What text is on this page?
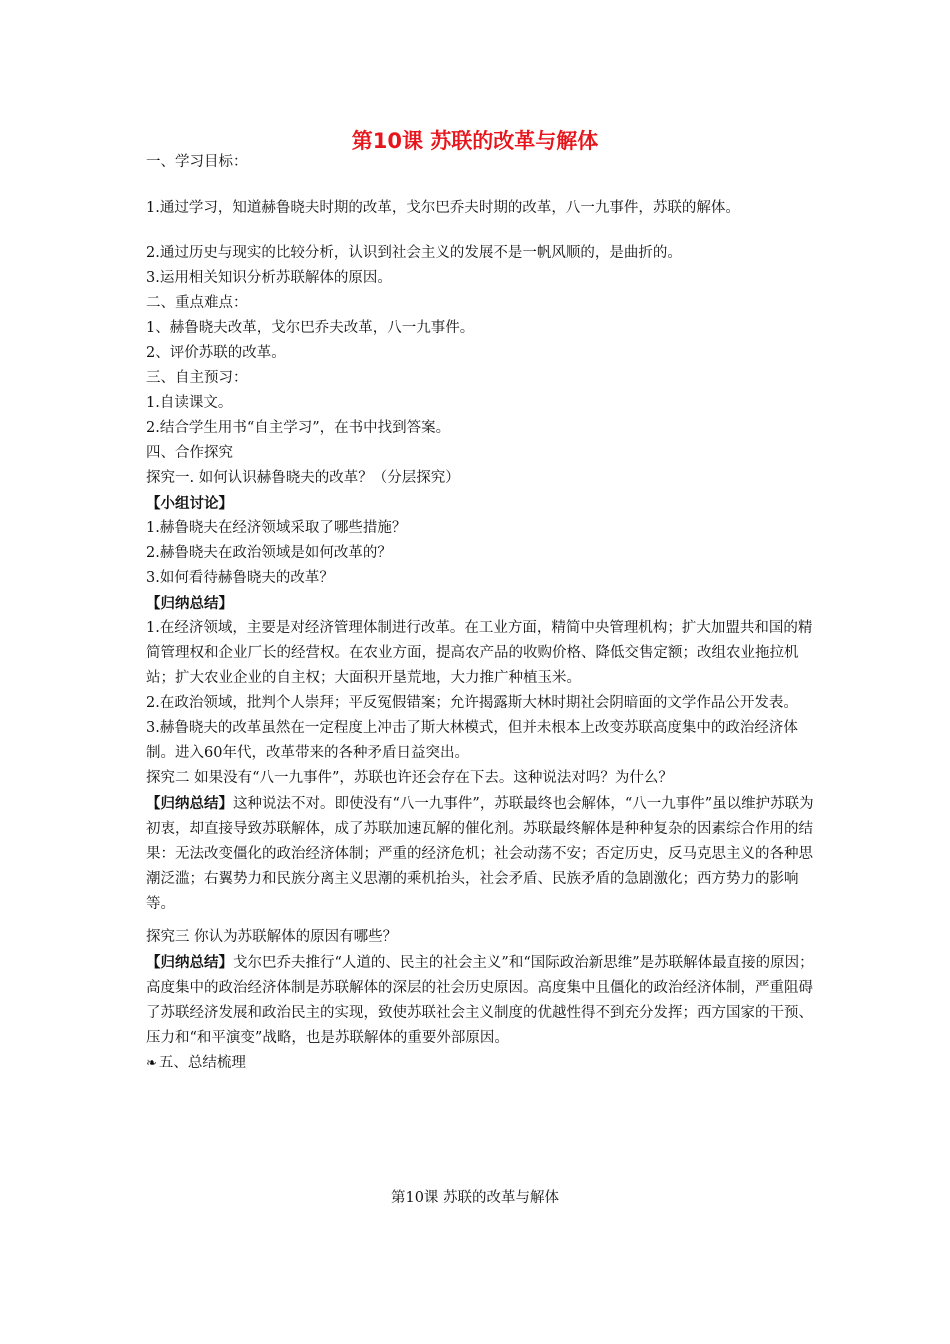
第10课 苏联的改革与解体
一、学习目标：
1.通过学习，知道赫鲁晓夫时期的改革，戈尔巴乔夫时期的改革，八一九事件，苏联的解体。
2.通过历史与现实的比较分析，认识到社会主义的发展不是一帆风顺的，是曲折的。
3.运用相关知识分析苏联解体的原因。
二、重点难点：
1、赫鲁晓夫改革，戈尔巴乔夫改革，八一九事件。
2、评价苏联的改革。
三、自主预习：
1.自读课文。
2.结合学生用书“自主学习”，在书中找到答案。
四、合作探究
探究一. 如何认识赫鲁晓夫的改革？（分层探究）
【小组讨论】
1.赫鲁晓夫在经济领域采取了哪些措施？
2.赫鲁晓夫在政治领域是如何改革的？
3.如何看待赫鲁晓夫的改革？
【归纳总结】
1.在经济领域，主要是对经济管理体制进行改革。在工业方面，精简中央管理机构；扩大加盟共和国的精简管理权和企业厂长的经营权。在农业方面，提高农产品的收购价格、降低交售定额；改组农业拖拉机站；扩大农业企业的自主权；大面积开垦荒地，大力推广种植玉米。
2.在政治领域，批判个人崇拜；平反冤假错案；允许揭露斯大林时期社会阴暗面的文学作品公开发表。
3.赫鲁晓夫的改革虽然在一定程度上冲击了斯大林模式，但并未根本上改变苏联高度集中的政治经济体制。进入60年代，改革带来的各种矛盾日益突出。
探究二 如果没有“八一九事件”，苏联也许还会存在下去。这种说法对吗？为什么？
【归纳总结】这种说法不对。即使没有“八一九事件”，苏联最终也会解体，“八一九事件”虽以维护苏联为初衷，却直接导致苏联解体，成了苏联加速瓦解的催化剂。苏联最终解体是种种复杂的因素综合作用的结果：无法改变僵化的政治经济体制；严重的经济危机；社会动荡不安；否定历史，反马克思主义的各种思潮泛滥；右翼势力和民族分离主义思潮的乘机抬头，社会矛盾、民族矛盾的急剧激化；西方势力的影响等。
探究三 你认为苏联解体的原因有哪些？
【归纳总结】戈尔巴乔夫推行“人道的、民主的社会主义”和“国际政治新思维”是苏联解体最直接的原因；高度集中的政治经济体制是苏联解体的深层的社会历史原因。高度集中且僵化的政治经济体制，严重阻碍了苏联经济发展和政治民主的实现，致使苏联社会主义制度的优越性得不到充分发挥；西方国家的干预、压力和“和平演变”战略，也是苏联解体的重要外部原因。
❧ 五、总结梳理
第10课 苏联的改革与解体
